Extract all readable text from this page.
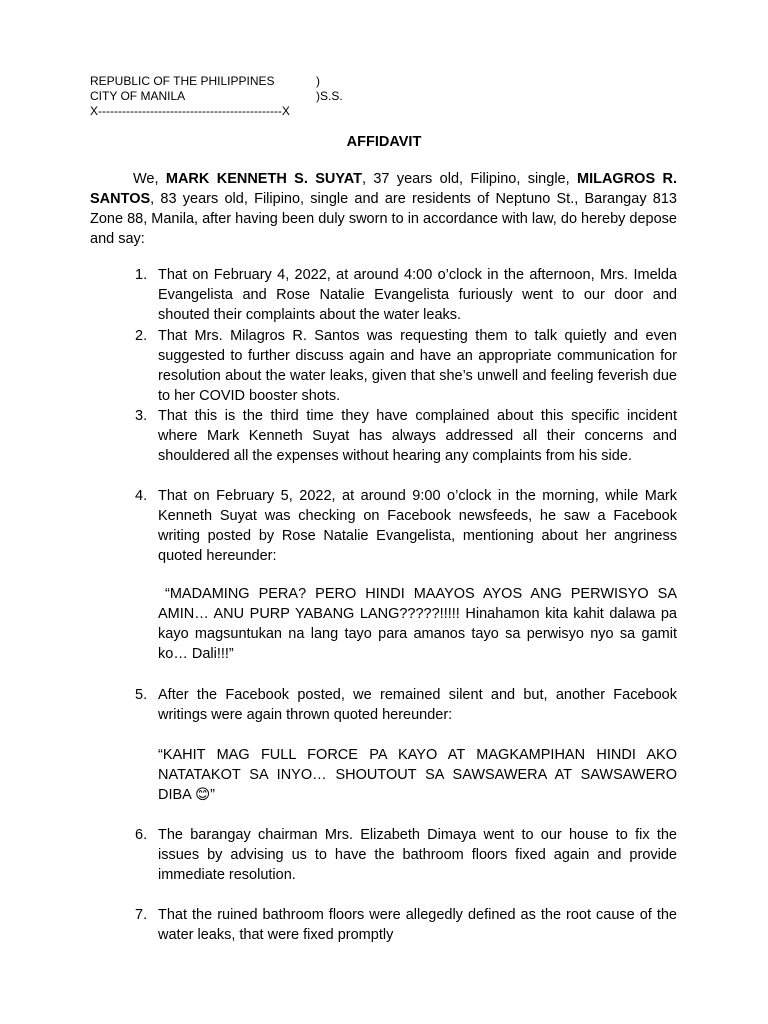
REPUBLIC OF THE PHILIPPINES	)
CITY OF MANILA	)S.S.
X----------------------------------------------X
AFFIDAVIT

We, MARK KENNETH S. SUYAT, 37 years old, Filipino, single, MILAGROS R. SANTOS, 83 years old, Filipino, single and are residents of Neptuno St., Barangay 813 Zone 88, Manila, after having been duly sworn to in accordance with law, do hereby depose and say:

1. That on February 4, 2022, at around 4:00 o’clock in the afternoon, Mrs. Imelda Evangelista and Rose Natalie Evangelista furiously went to our door and shouted their complaints about the water leaks.
2. That Mrs. Milagros R. Santos was requesting them to talk quietly and even suggested to further discuss again and have an appropriate communication for resolution about the water leaks, given that she’s unwell and feeling feverish due to her COVID booster shots.
3. That this is the third time they have complained about this specific incident where Mark Kenneth Suyat has always addressed all their concerns and shouldered all the expenses without hearing any complaints from his side.
4. That on February 5, 2022, at around 9:00 o’clock in the morning, while Mark Kenneth Suyat was checking on Facebook newsfeeds, he saw a Facebook writing posted by Rose Natalie Evangelista, mentioning about her angriness quoted hereunder:
“MADAMING PERA? PERO HINDI MAAYOS AYOS ANG PERWISYO SA AMIN… ANU PURP YABANG LANG?????!!!!! Hinahamon kita kahit dalawa pa kayo magsuntukan na lang tayo para amanos tayo sa perwisyo nyo sa gamit ko… Dali!!!”
5. After the Facebook posted, we remained silent and but, another Facebook writings were again thrown quoted hereunder:
“KAHIT MAG FULL FORCE PA KAYO AT MAGKAMPIHAN HINDI AKO NATATAKOT SA INYO… SHOUTOUT SA SAWSAWERA AT SAWSAWERO DIBA 😊”
6. The barangay chairman Mrs. Elizabeth Dimaya went to our house to fix the issues by advising us to have the bathroom floors fixed again and provide immediate resolution.
7. That the ruined bathroom floors were allegedly defined as the root cause of the water leaks, that were fixed promptly
